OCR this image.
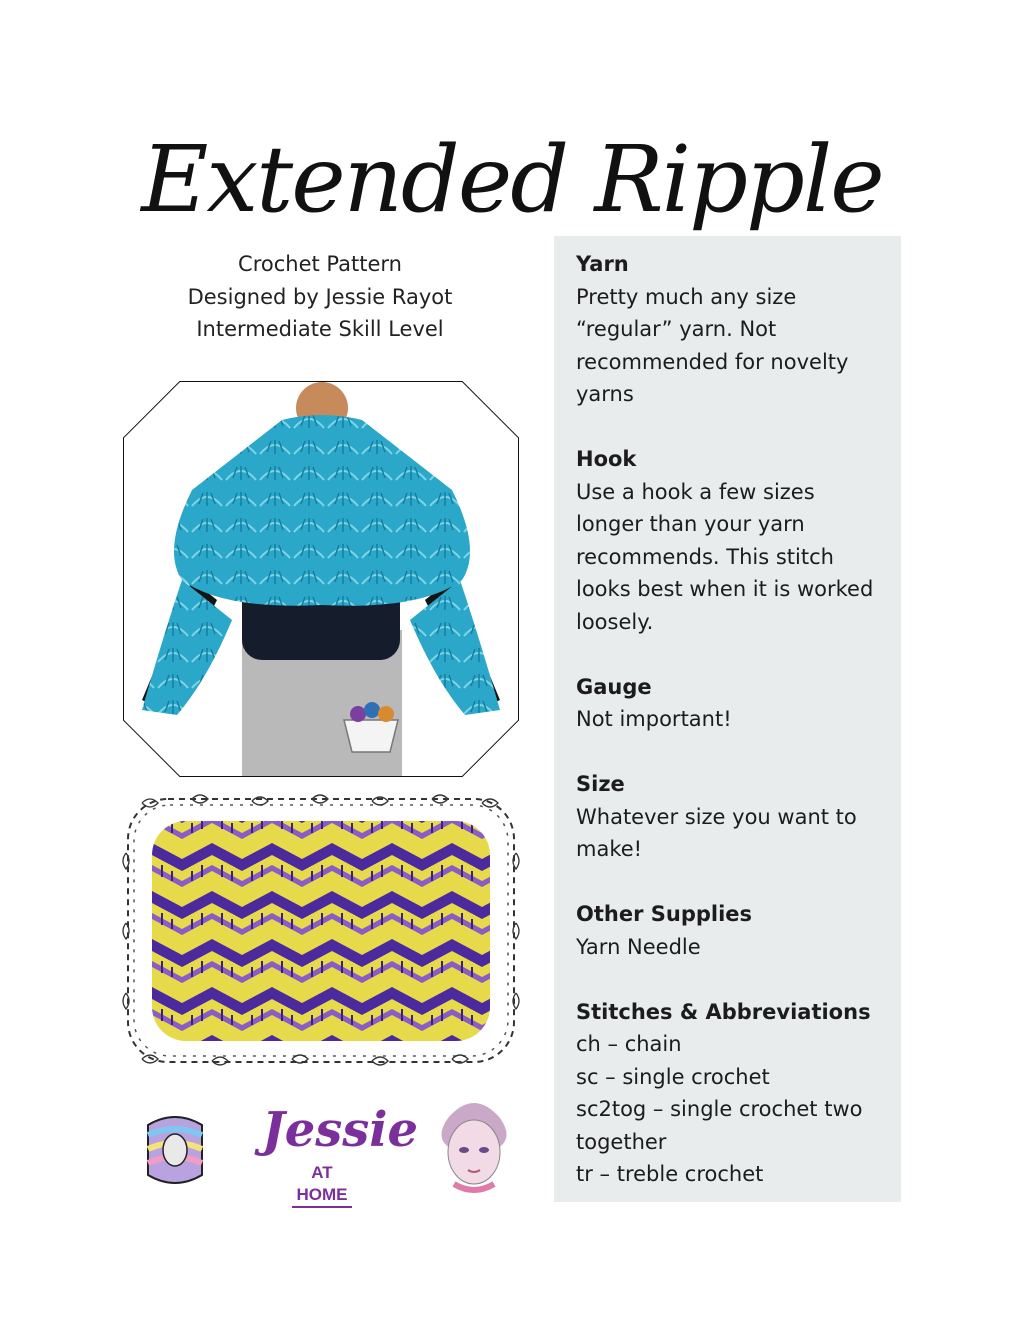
Extended Ripple
Crochet Pattern
Designed by Jessie Rayot
Intermediate Skill Level
Yarn
Pretty much any size
“regular” yarn. Not
recommended for novelty
yarns
Hook
Use a hook a few sizes
longer than your yarn
recommends. This stitch
looks best when it is worked
loosely.
Gauge
Not important!
Size
Whatever size you want to
make!
Other Supplies
Yarn Needle
Stitches & Abbreviations
ch – chain
sc – single crochet
sc2tog – single crochet two
together
tr – treble crochet
Jessie
AT HOME
